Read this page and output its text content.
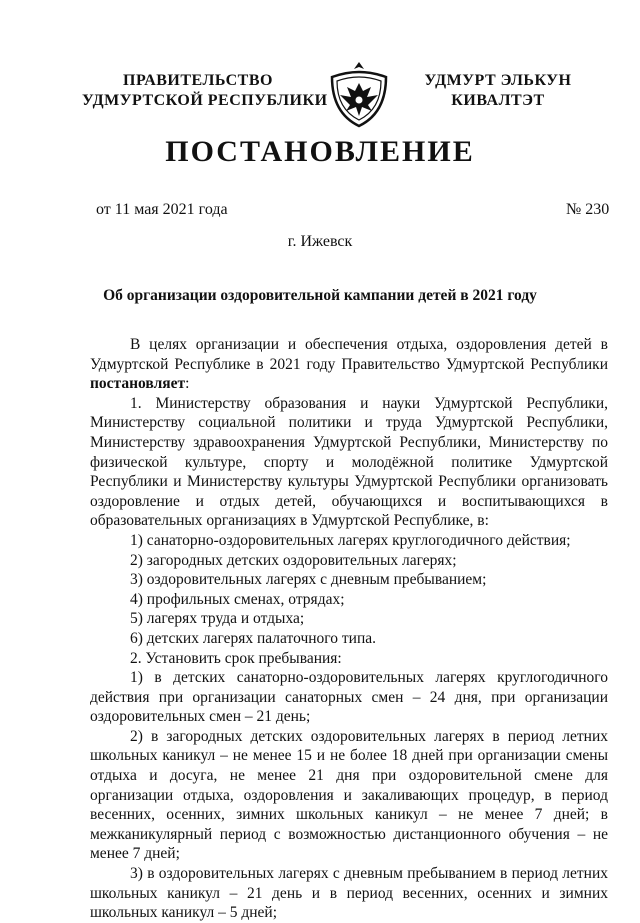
ПРАВИТЕЛЬСТВО
УДМУРТСКОЙ РЕСПУБЛИКИ
УДМУРТ ЭЛЬКУН
КИВАЛТЭТ
ПОСТАНОВЛЕНИЕ
от 11 мая 2021 года	№ 230
г. Ижевск
Об организации оздоровительной кампании детей в 2021 году

В целях организации и обеспечения отдыха, оздоровления детей в Удмуртской Республике в 2021 году Правительство Удмуртской Республики постановляет:

1. Министерству образования и науки Удмуртской Республики, Министерству социальной политики и труда Удмуртской Республики, Министерству здравоохранения Удмуртской Республики, Министерству по физической культуре, спорту и молодёжной политике Удмуртской Республики и Министерству культуры Удмуртской Республики организовать оздоровление и отдых детей, обучающихся и воспитывающихся в образовательных организациях в Удмуртской Республике, в:

1) санаторно-оздоровительных лагерях круглогодичного действия;

2) загородных детских оздоровительных лагерях;

3) оздоровительных лагерях с дневным пребыванием;

4) профильных сменах, отрядах;

5) лагерях труда и отдыха;

6) детских лагерях палаточного типа.

2. Установить срок пребывания:

1) в детских санаторно-оздоровительных лагерях круглогодичного действия при организации санаторных смен – 24 дня, при организации оздоровительных смен – 21 день;

2) в загородных детских оздоровительных лагерях в период летних школьных каникул – не менее 15 и не более 18 дней при организации смены отдыха и досуга, не менее 21 дня при оздоровительной смене для организации отдыха, оздоровления и закаливающих процедур, в период весенних, осенних, зимних школьных каникул – не менее 7 дней; в межканикулярный период с возможностью дистанционного обучения – не менее 7 дней;

3) в оздоровительных лагерях с дневным пребыванием в период летних школьных каникул – 21 день и в период весенних, осенних и зимних школьных каникул – 5 дней;
